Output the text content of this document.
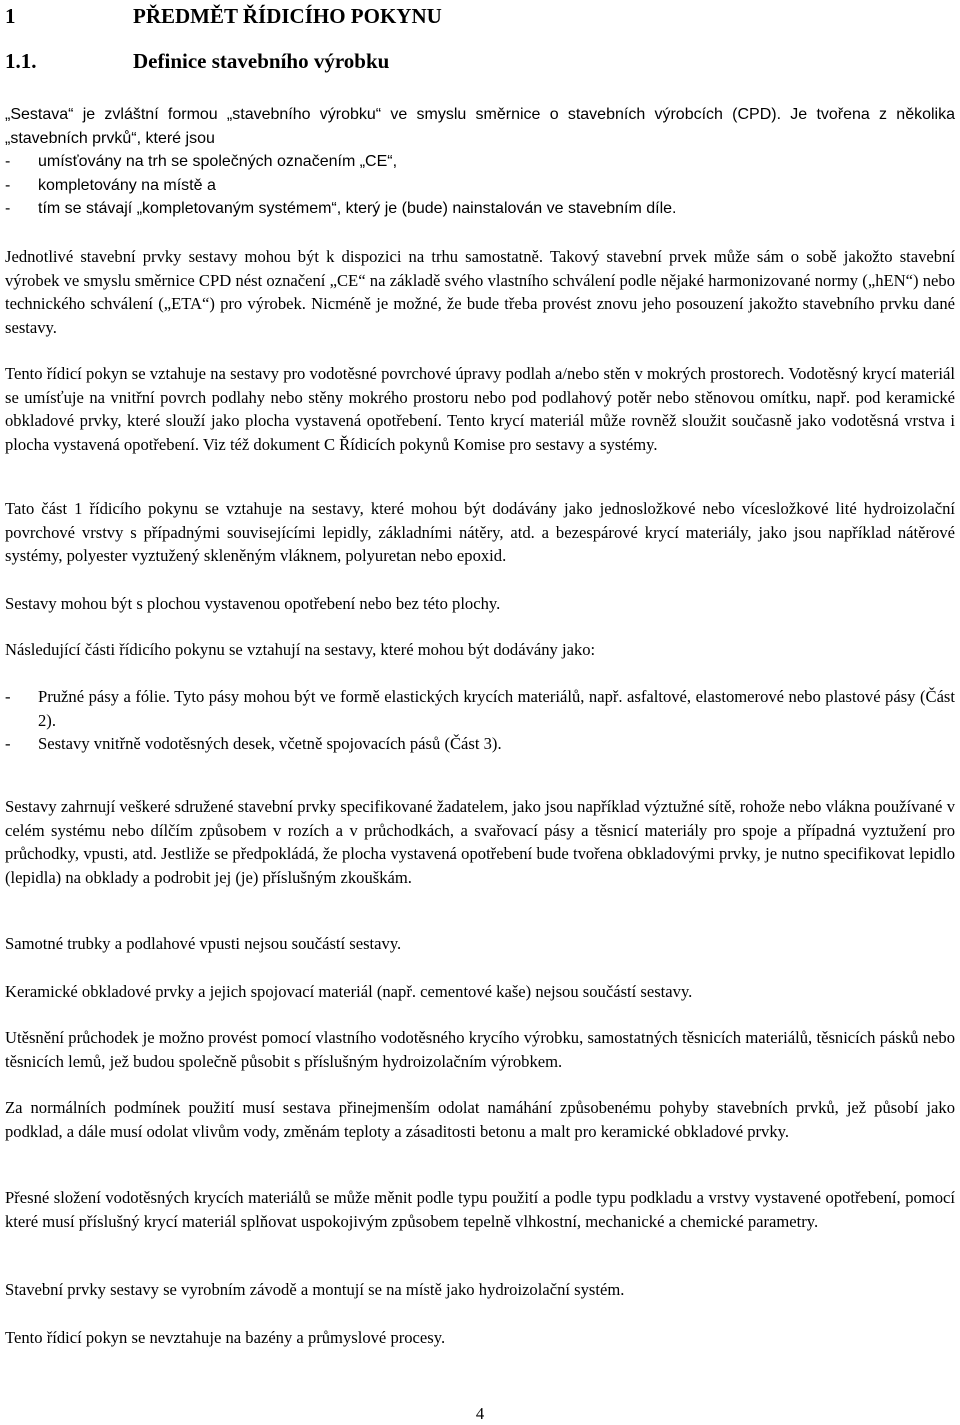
1	PŘEDMĚT ŘÍDICÍHO POKYNU
1.1.	Definice stavebního výrobku
„Sestava“ je zvláštní formou „stavebního výrobku“ ve smyslu směrnice o stavebních výrobcích (CPD). Je tvořena z několika „stavebních prvků“, které jsou
- umísťovány na trh se společných označením „CE“,
- kompletovány na místě a
- tím se stávají „kompletovaným systémem“, který je (bude) nainstalován ve stavebním díle.
Jednotlivé stavební prvky sestavy mohou být k dispozici na trhu samostatně. Takový stavební prvek může sám o sobě jakožto stavební výrobek ve smyslu směrnice CPD nést označení „CE“ na základě svého vlastního schválení podle nějaké harmonizované normy („hEN“) nebo technického schválení („ETA“) pro výrobek. Nicméně je možné, že bude třeba provést znovu jeho posouzení jakožto stavebního prvku dané sestavy.
Tento řídicí pokyn se vztahuje na sestavy pro vodotěsné povrchové úpravy podlah a/nebo stěn v mokrých prostorech. Vodotěsný krycí materiál se umísťuje na vnitřní povrch podlahy nebo stěny mokrého prostoru nebo pod podlahový potěr nebo stěnovou omítku, např. pod keramické obkladové prvky, které slouží jako plocha vystavená opotřebení. Tento krycí materiál může rovněž sloužit současně jako vodotěsná vrstva i plocha vystavená opotřebení. Viz též dokument C Řídicích pokynů Komise pro sestavy a systémy.
Tato část 1 řídicího pokynu se vztahuje na sestavy, které mohou být dodávány jako jednosložkové nebo vícesložkové lité hydroizolační povrchové vrstvy s případnými souvisejícími lepidly, základními nátěry, atd. a bezespárové krycí materiály, jako jsou například nátěrové systémy, polyester vyztužený skleněným vláknem, polyuretan nebo epoxid.
Sestavy mohou být s plochou vystavenou opotřebení nebo bez této plochy.
Následující části řídicího pokynu se vztahují na sestavy, které mohou být dodávány jako:
- Pružné pásy a fólie. Tyto pásy mohou být ve formě elastických krycích materiálů, např. asfaltové, elastomerové nebo plastové pásy (Část 2).
- Sestavy vnitřně vodotěsných desek, včetně spojovacích pásů (Část 3).
Sestavy zahrnují veškeré sdružené stavební prvky specifikované žadatelem, jako jsou například výztužné sítě, rohože nebo vlákna používané v celém systému nebo dílčím způsobem v rozích a v průchodkách, a svařovací pásy a těsnicí materiály pro spoje a případná vyztužení pro průchodky, vpusti, atd. Jestliže se předpokládá, že plocha vystavená opotřebení bude tvořena obkladovými prvky, je nutno specifikovat lepidlo (lepidla) na obklady a podrobit jej (je) příslušným zkouškám.
Samotné trubky a podlahové vpusti nejsou součástí sestavy.
Keramické obkladové prvky a jejich spojovací materiál (např. cementové kaše) nejsou součástí sestavy.
Utěsnění průchodek je možno provést pomocí vlastního vodotěsného krycího výrobku, samostatných těsnicích materiálů, těsnicích pásků nebo těsnicích lemů, jež budou společně působit s příslušným hydroizolačním výrobkem.
Za normálních podmínek použití musí sestava přinejmenším odolat namáhání způsobenému pohyby stavebních prvků, jež působí jako podklad, a dále musí odolat vlivům vody, změnám teploty a zásaditosti betonu a malt pro keramické obkladové prvky.
Přesné složení vodotěsných krycích materiálů se může měnit podle typu použití a podle typu podkladu a vrstvy vystavené opotřebení, pomocí které musí příslušný krycí materiál splňovat uspokojivým způsobem tepelně vlhkostní, mechanické a chemické parametry.
Stavební prvky sestavy se vyrobním závodě a montují se na místě jako hydroizolační systém.
Tento řídicí pokyn se nevztahuje na bazény a průmyslové procesy.
4
